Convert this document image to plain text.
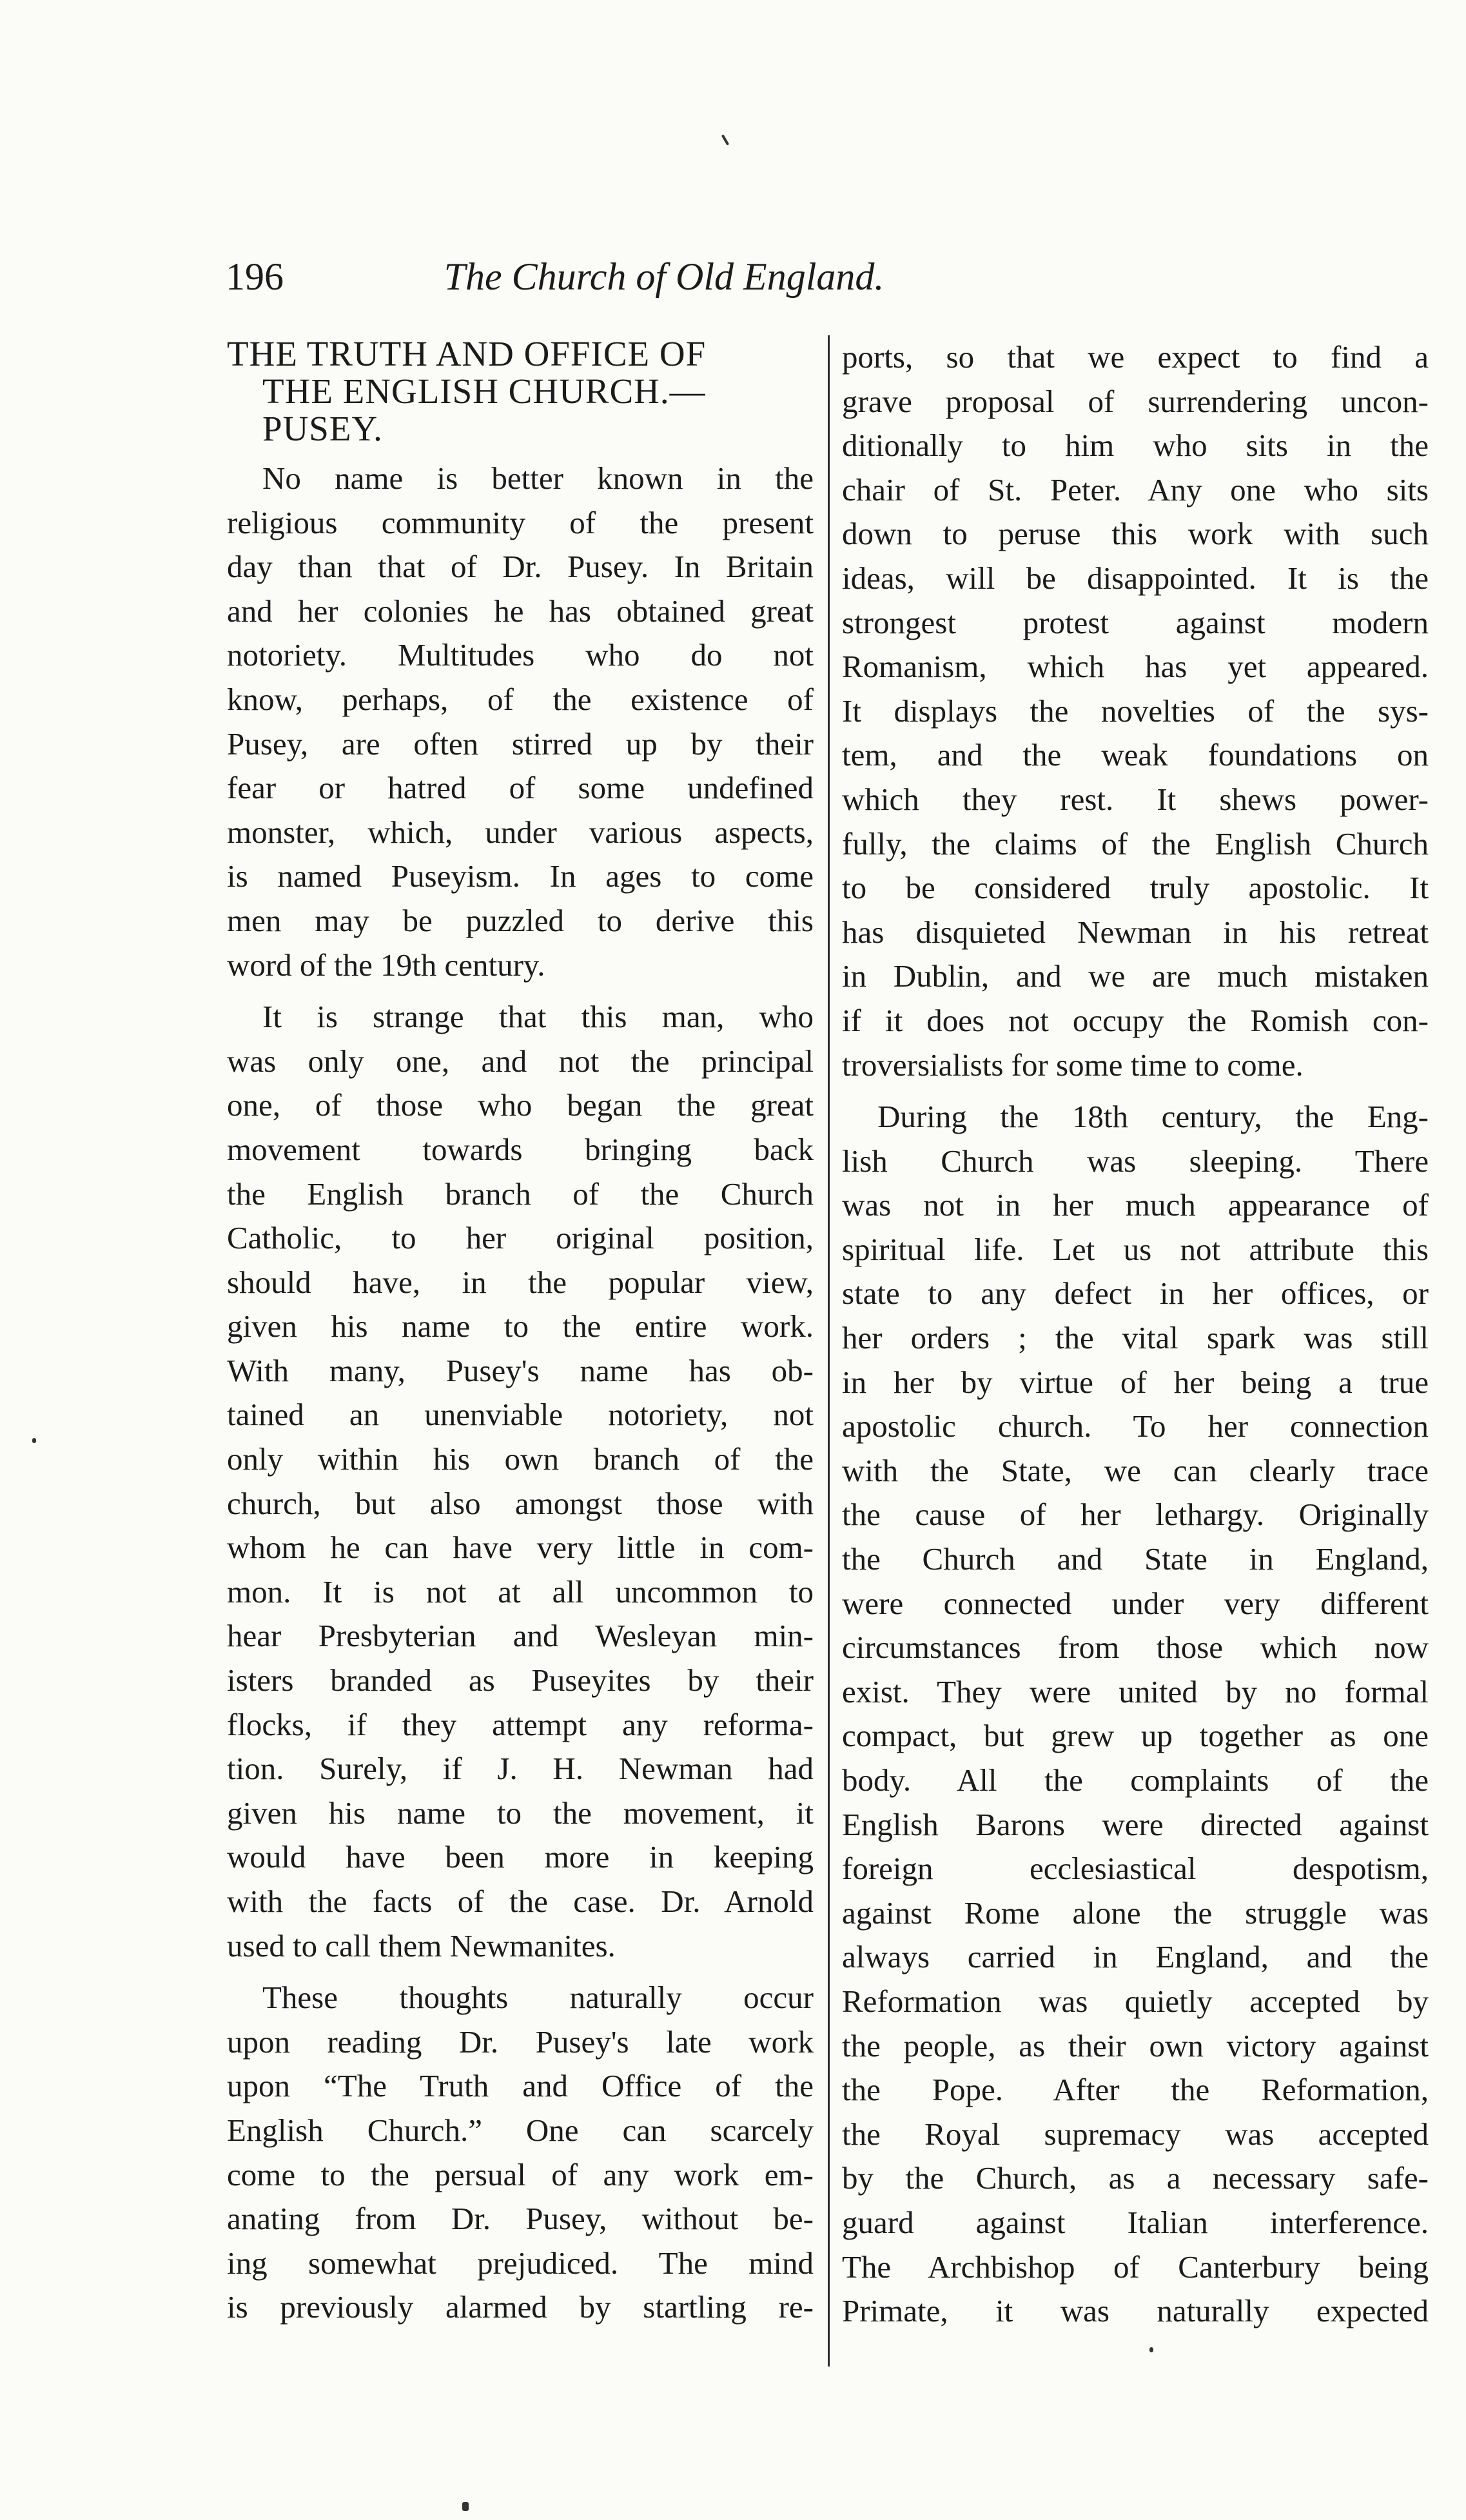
196	The Church of Old England.
THE TRUTH AND OFFICE OF
THE ENGLISH CHURCH.—
PUSEY.
No name is better known in the
religious community of the present
day than that of Dr. Pusey. In Britain
and her colonies he has obtained great
notoriety. Multitudes who do not
know, perhaps, of the existence of
Pusey, are often stirred up by their
fear or hatred of some undefined
monster, which, under various aspects,
is named Puseyism. In ages to come
men may be puzzled to derive this
word of the 19th century.
It is strange that this man, who
was only one, and not the principal
one, of those who began the great
movement towards bringing back
the English branch of the Church
Catholic, to her original position,
should have, in the popular view,
given his name to the entire work.
With many, Pusey's name has ob-
tained an unenviable notoriety, not
only within his own branch of the
church, but also amongst those with
whom he can have very little in com-
mon. It is not at all uncommon to
hear Presbyterian and Wesleyan min-
isters branded as Puseyites by their
flocks, if they attempt any reforma-
tion. Surely, if J. H. Newman had
given his name to the movement, it
would have been more in keeping
with the facts of the case. Dr. Arnold
used to call them Newmanites.
These thoughts naturally occur
upon reading Dr. Pusey's late work
upon “The Truth and Office of the
English Church.” One can scarcely
come to the persual of any work em-
anating from Dr. Pusey, without be-
ing somewhat prejudiced. The mind
is previously alarmed by startling re-
ports, so that we expect to find a
grave proposal of surrendering uncon-
ditionally to him who sits in the
chair of St. Peter. Any one who sits
down to peruse this work with such
ideas, will be disappointed. It is the
strongest protest against modern
Romanism, which has yet appeared.
It displays the novelties of the sys-
tem, and the weak foundations on
which they rest. It shews power-
fully, the claims of the English Church
to be considered truly apostolic. It
has disquieted Newman in his retreat
in Dublin, and we are much mistaken
if it does not occupy the Romish con-
troversialists for some time to come.
During the 18th century, the Eng-
lish Church was sleeping. There
was not in her much appearance of
spiritual life. Let us not attribute this
state to any defect in her offices, or
her orders ; the vital spark was still
in her by virtue of her being a true
apostolic church. To her connection
with the State, we can clearly trace
the cause of her lethargy. Originally
the Church and State in England,
were connected under very different
circumstances from those which now
exist. They were united by no formal
compact, but grew up together as one
body. All the complaints of the
English Barons were directed against
foreign ecclesiastical despotism,
against Rome alone the struggle was
always carried in England, and the
Reformation was quietly accepted by
the people, as their own victory against
the Pope. After the Reformation,
the Royal supremacy was accepted
by the Church, as a necessary safe-
guard against Italian interference.
The Archbishop of Canterbury being
Primate, it was naturally expected
